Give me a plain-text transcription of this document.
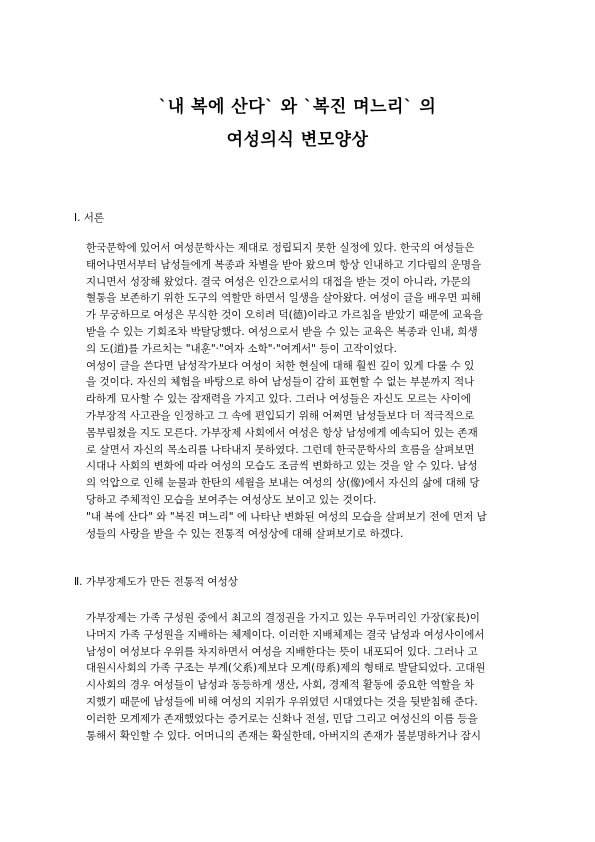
`내 복에 산다` 와 `복진 며느리` 의
여성의식 변모양상
Ⅰ. 서론
한국문학에 있어서 여성문학사는 제대로 정립되지 못한 실정에 있다. 한국의 여성들은
태어나면서부터 남성들에게 복종과 차별을 받아 왔으며 항상 인내하고 기다림의 운명을
지니면서 성장해 왔었다. 결국 여성은 인간으로서의 대접을 받는 것이 아니라, 가문의
혈통을 보존하기 위한 도구의 역할만 하면서 일생을 살아왔다. 여성이 글을 배우면 피해
가 무궁하므로 여성은 무식한 것이 오히려 덕(德)이라고 가르침을 받았기 때문에 교육을
받을 수 있는 기회조차 박탈당했다. 여성으로서 받을 수 있는 교육은 복종과 인내, 희생
의 도(道)를 가르치는 "내훈"·"여자 소학"·"여계서" 등이 고작이었다.
여성이 글을 쓴다면 남성작가보다 여성이 처한 현실에 대해 훨씬 깊이 있게 다룰 수 있
을 것이다. 자신의 체험을 바탕으로 하여 남성들이 감히 표현할 수 없는 부분까지 적나
라하게 묘사할 수 있는 잠재력을 가지고 있다. 그러나 여성들은 자신도 모르는 사이에
가부장적 사고관을 인정하고 그 속에 편입되기 위해 어쩌면 남성들보다 더 적극적으로
몸부림쳤을 지도 모른다. 가부장제 사회에서 여성은 항상 남성에게 예속되어 있는 존재
로 살면서 자신의 목소리를 나타내지 못하였다. 그런데 한국문학사의 흐름을 살펴보면
시대나 사회의 변화에 따라 여성의 모습도 조금씩 변화하고 있는 것을 알 수 있다. 남성
의 억압으로 인해 눈물과 한탄의 세월을 보내는 여성의 상(像)에서 자신의 삶에 대해 당
당하고 주체적인 모습을 보여주는 여성상도 보이고 있는 것이다.
"내 복에 산다" 와 "복진 며느리" 에 나타난 변화된 여성의 모습을 살펴보기 전에 먼저 남
성들의 사랑을 받을 수 있는 전통적 여성상에 대해 살펴보기로 하겠다.
Ⅱ. 가부장제도가 만든 전통적 여성상
가부장제는 가족 구성원 중에서 최고의 결정권을 가지고 있는 우두머리인 가장(家長)이
나머지 가족 구성원을 지배하는 체제이다. 이러한 지배체제는 결국 남성과 여성사이에서
남성이 여성보다 우위를 차지하면서 여성을 지배한다는 뜻이 내포되어 있다. 그러나 고
대원시사회의 가족 구조는 부계(父系)제보다 모계(母系)제의 형태로 발달되었다. 고대원
시사회의 경우 여성들이 남성과 동등하게 생산, 사회, 경제적 활동에 중요한 역할을 차
지했기 때문에 남성들에 비해 여성의 지위가 우위였던 시대였다는 것을 뒷받침해 준다.
이러한 모계제가 존재했었다는 증거로는 신화나 전설, 민담 그리고 여성신의 이름 등을
통해서 확인할 수 있다. 어머니의 존재는 확실한데, 아버지의 존재가 불분명하거나 잠시
